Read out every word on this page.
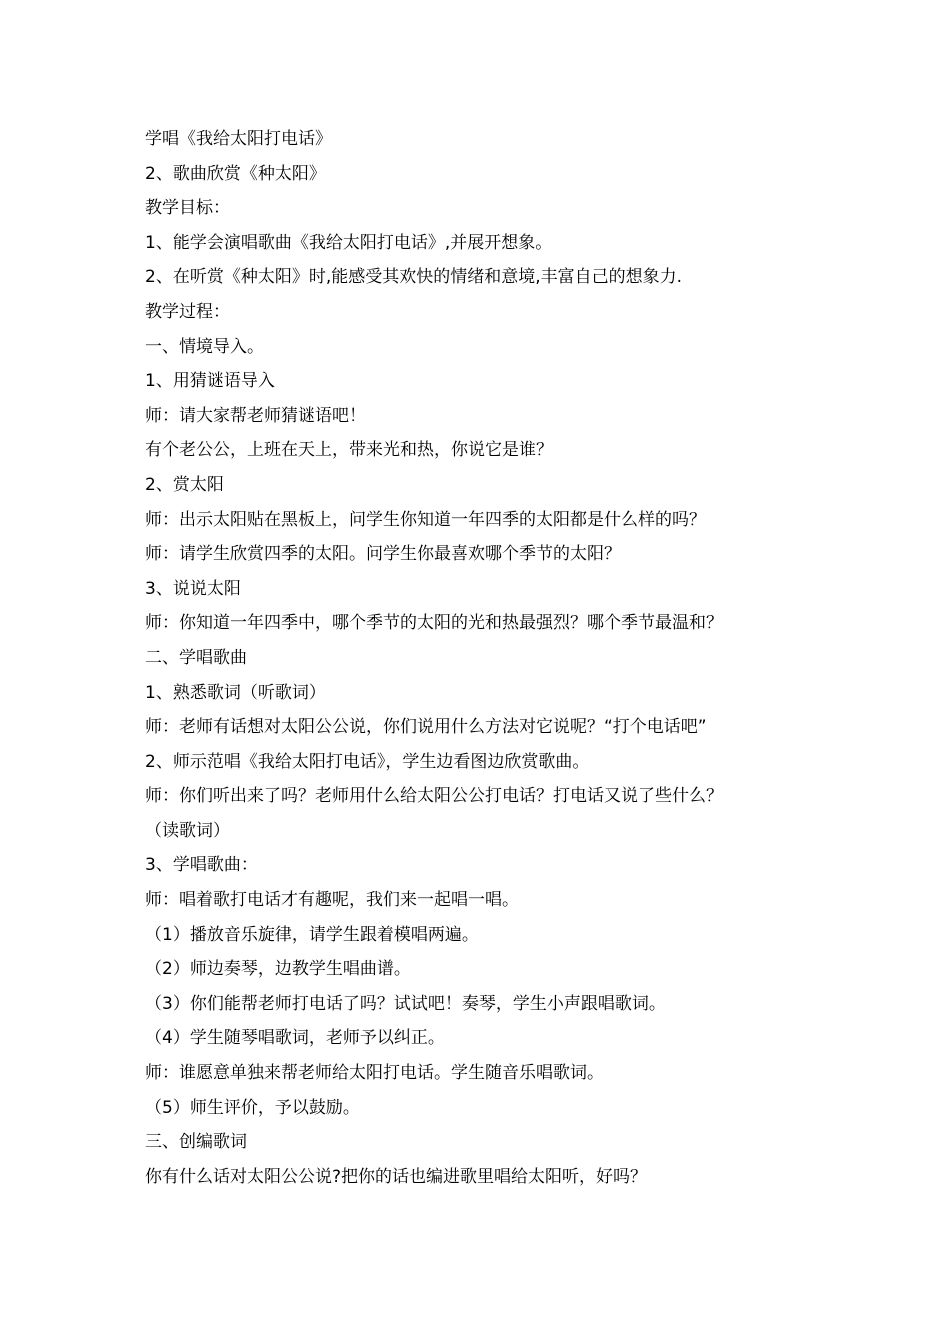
学唱《我给太阳打电话》
2、歌曲欣赏《种太阳》
教学目标：
1、能学会演唱歌曲《我给太阳打电话》,并展开想象。
2、在听赏《种太阳》时,能感受其欢快的情绪和意境,丰富自己的想象力.
教学过程：
一、情境导入。
1、用猜谜语导入
师：请大家帮老师猜谜语吧！
有个老公公，上班在天上，带来光和热，你说它是谁？
2、赏太阳
师：出示太阳贴在黑板上，问学生你知道一年四季的太阳都是什么样的吗？
师：请学生欣赏四季的太阳。问学生你最喜欢哪个季节的太阳？
3、说说太阳
师：你知道一年四季中，哪个季节的太阳的光和热最强烈？哪个季节最温和？
二、学唱歌曲
1、熟悉歌词（听歌词）
师：老师有话想对太阳公公说，你们说用什么方法对它说呢？“打个电话吧”
2、师示范唱《我给太阳打电话》，学生边看图边欣赏歌曲。
师：你们听出来了吗？老师用什么给太阳公公打电话？打电话又说了些什么？
（读歌词）
3、学唱歌曲：
师：唱着歌打电话才有趣呢，我们来一起唱一唱。
（1）播放音乐旋律，请学生跟着模唱两遍。
（2）师边奏琴，边教学生唱曲谱。
（3）你们能帮老师打电话了吗？试试吧！奏琴，学生小声跟唱歌词。
（4）学生随琴唱歌词，老师予以纠正。
师：谁愿意单独来帮老师给太阳打电话。学生随音乐唱歌词。
（5）师生评价，予以鼓励。
三、创编歌词
你有什么话对太阳公公说?把你的话也编进歌里唱给太阳听，好吗？
